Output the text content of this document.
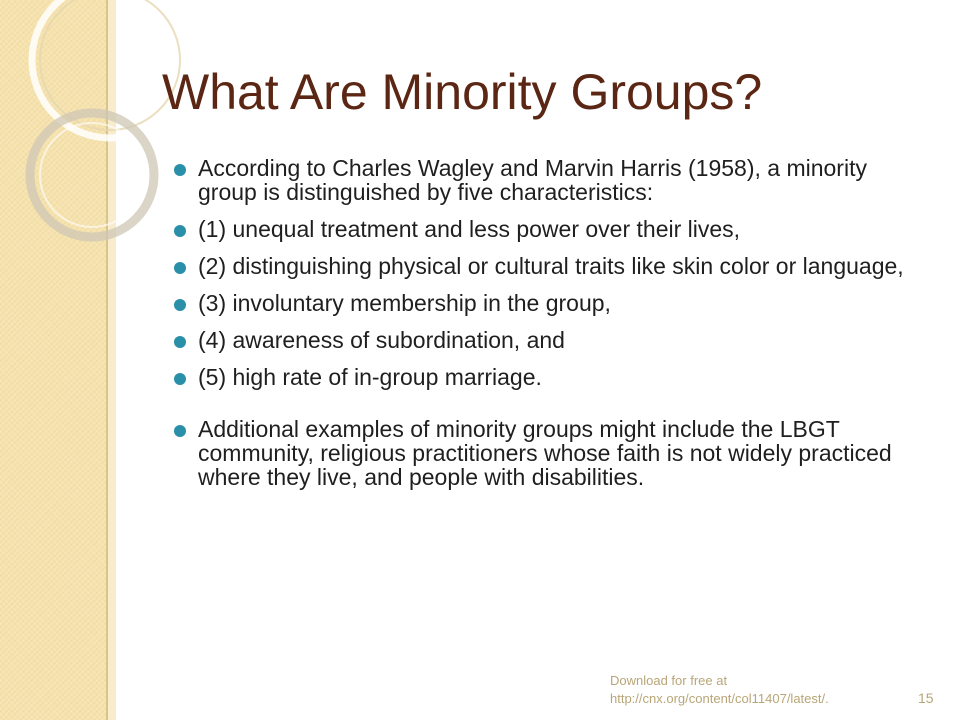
What Are Minority Groups?
According to Charles Wagley and Marvin Harris (1958), a minority group is distinguished by five characteristics:
(1) unequal treatment and less power over their lives,
(2) distinguishing physical or cultural traits like skin color or language,
(3) involuntary membership in the group,
(4) awareness of subordination, and
(5) high rate of in-group marriage.
Additional examples of minority groups might include the LBGT community, religious practitioners whose faith is not widely practiced where they live, and people with disabilities.
Download for free at
http://cnx.org/content/col11407/latest/.	15
